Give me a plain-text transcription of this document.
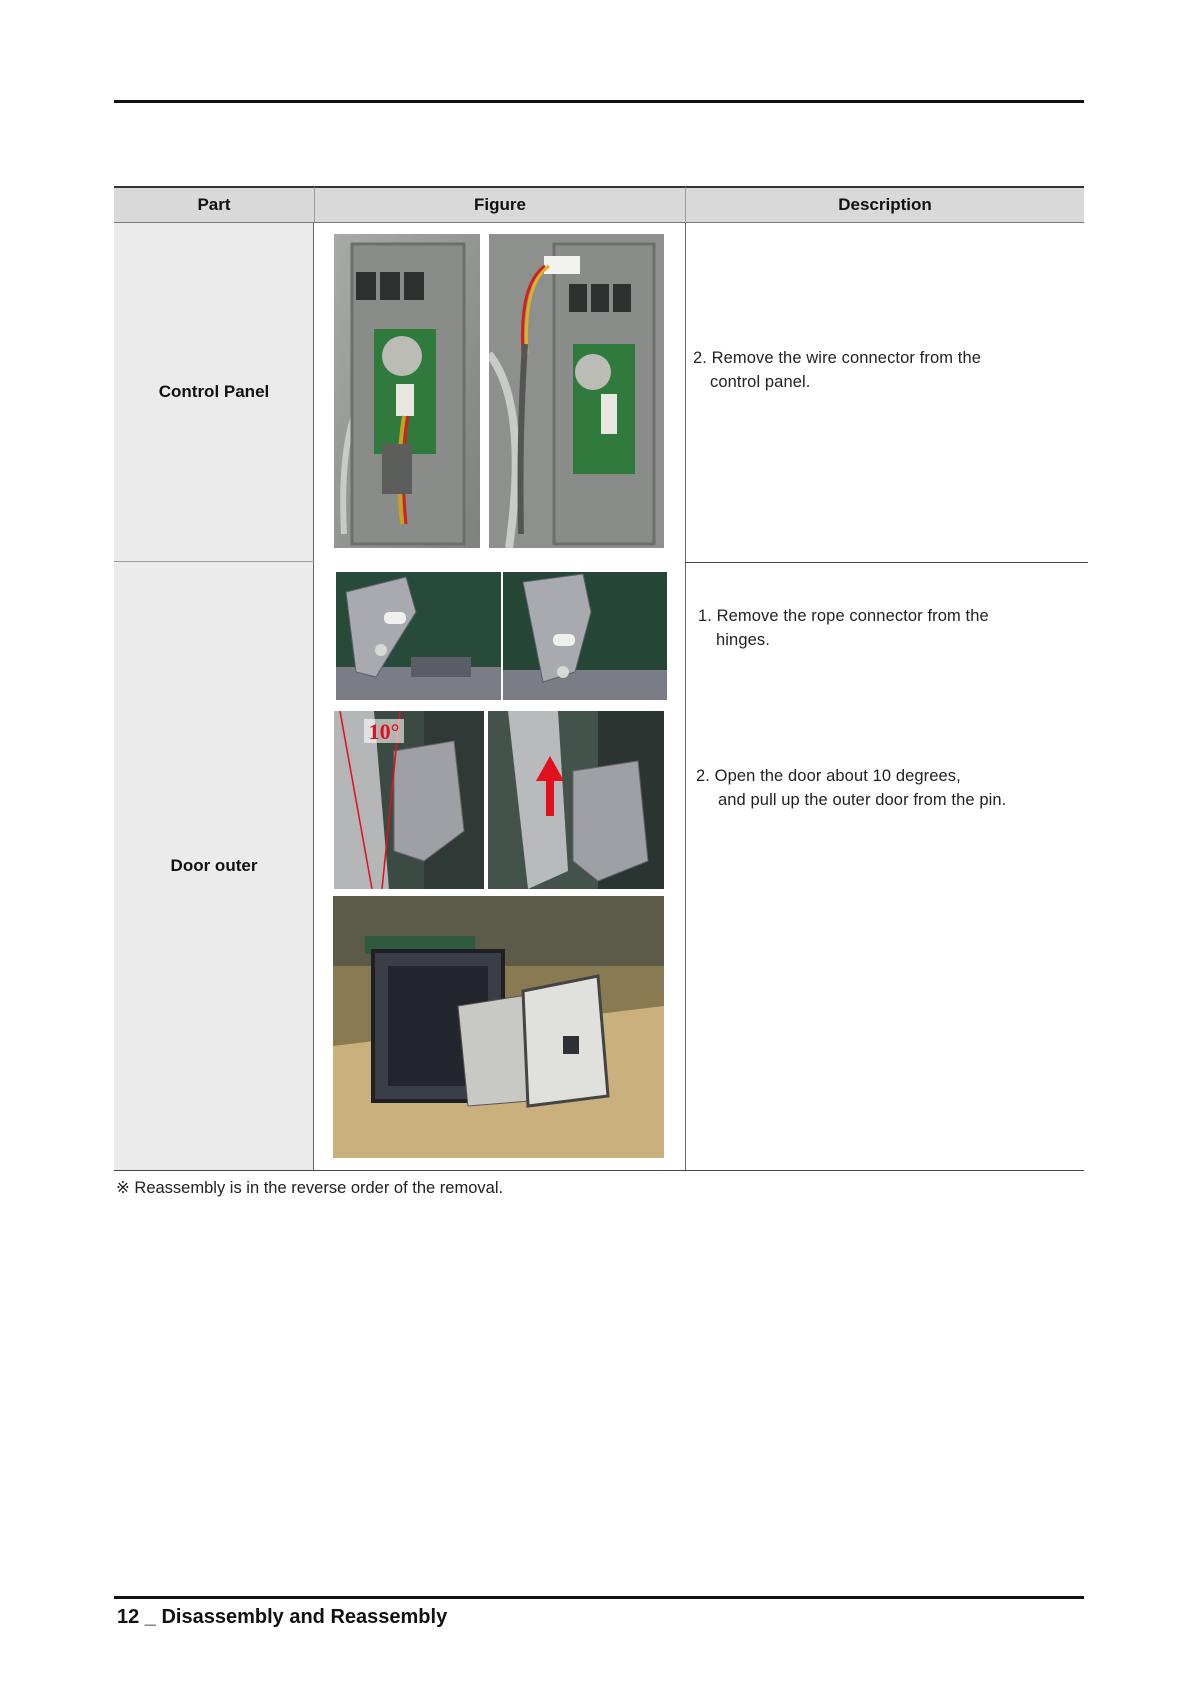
Part	Figure	Description
Control Panel
Door outer
2. Remove the wire connector from the
control panel.
10°
1. Remove the rope connector from the
hinges.
2. Open the door about 10 degrees,
and pull up the outer door from the pin.
※ Reassembly is in the reverse order of the removal.
12 _ Disassembly and Reassembly
